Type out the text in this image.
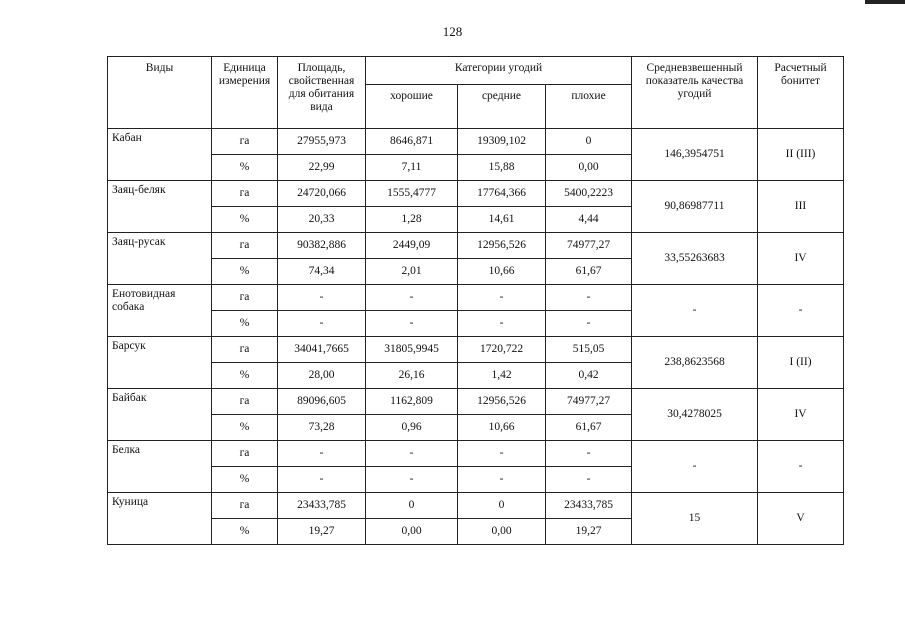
128
Виды	Единица измерения	Площадь, свойственная для обитания вида	Категории угодий			Средневзвешенный показатель качества угодий	Расчетный бонитет
			хорошие	средние	плохие		
Кабан	га	27955,973	8646,871	19309,102	0	146,3954751	II (III)
	%	22,99	7,11	15,88	0,00		
Заяц-беляк	га	24720,066	1555,4777	17764,366	5400,2223	90,86987711	III
	%	20,33	1,28	14,61	4,44		
Заяц-русак	га	90382,886	2449,09	12956,526	74977,27	33,55263683	IV
	%	74,34	2,01	10,66	61,67		
Енотовидная собака	га	-	-	-	-	-	-
	%	-	-	-	-		
Барсук	га	34041,7665	31805,9945	1720,722	515,05	238,8623568	I (II)
	%	28,00	26,16	1,42	0,42		
Байбак	га	89096,605	1162,809	12956,526	74977,27	30,4278025	IV
	%	73,28	0,96	10,66	61,67		
Белка	га	-	-	-	-	-	-
	%	-	-	-	-		
Куница	га	23433,785	0	0	23433,785	15	V
	%	19,27	0,00	0,00	19,27		
